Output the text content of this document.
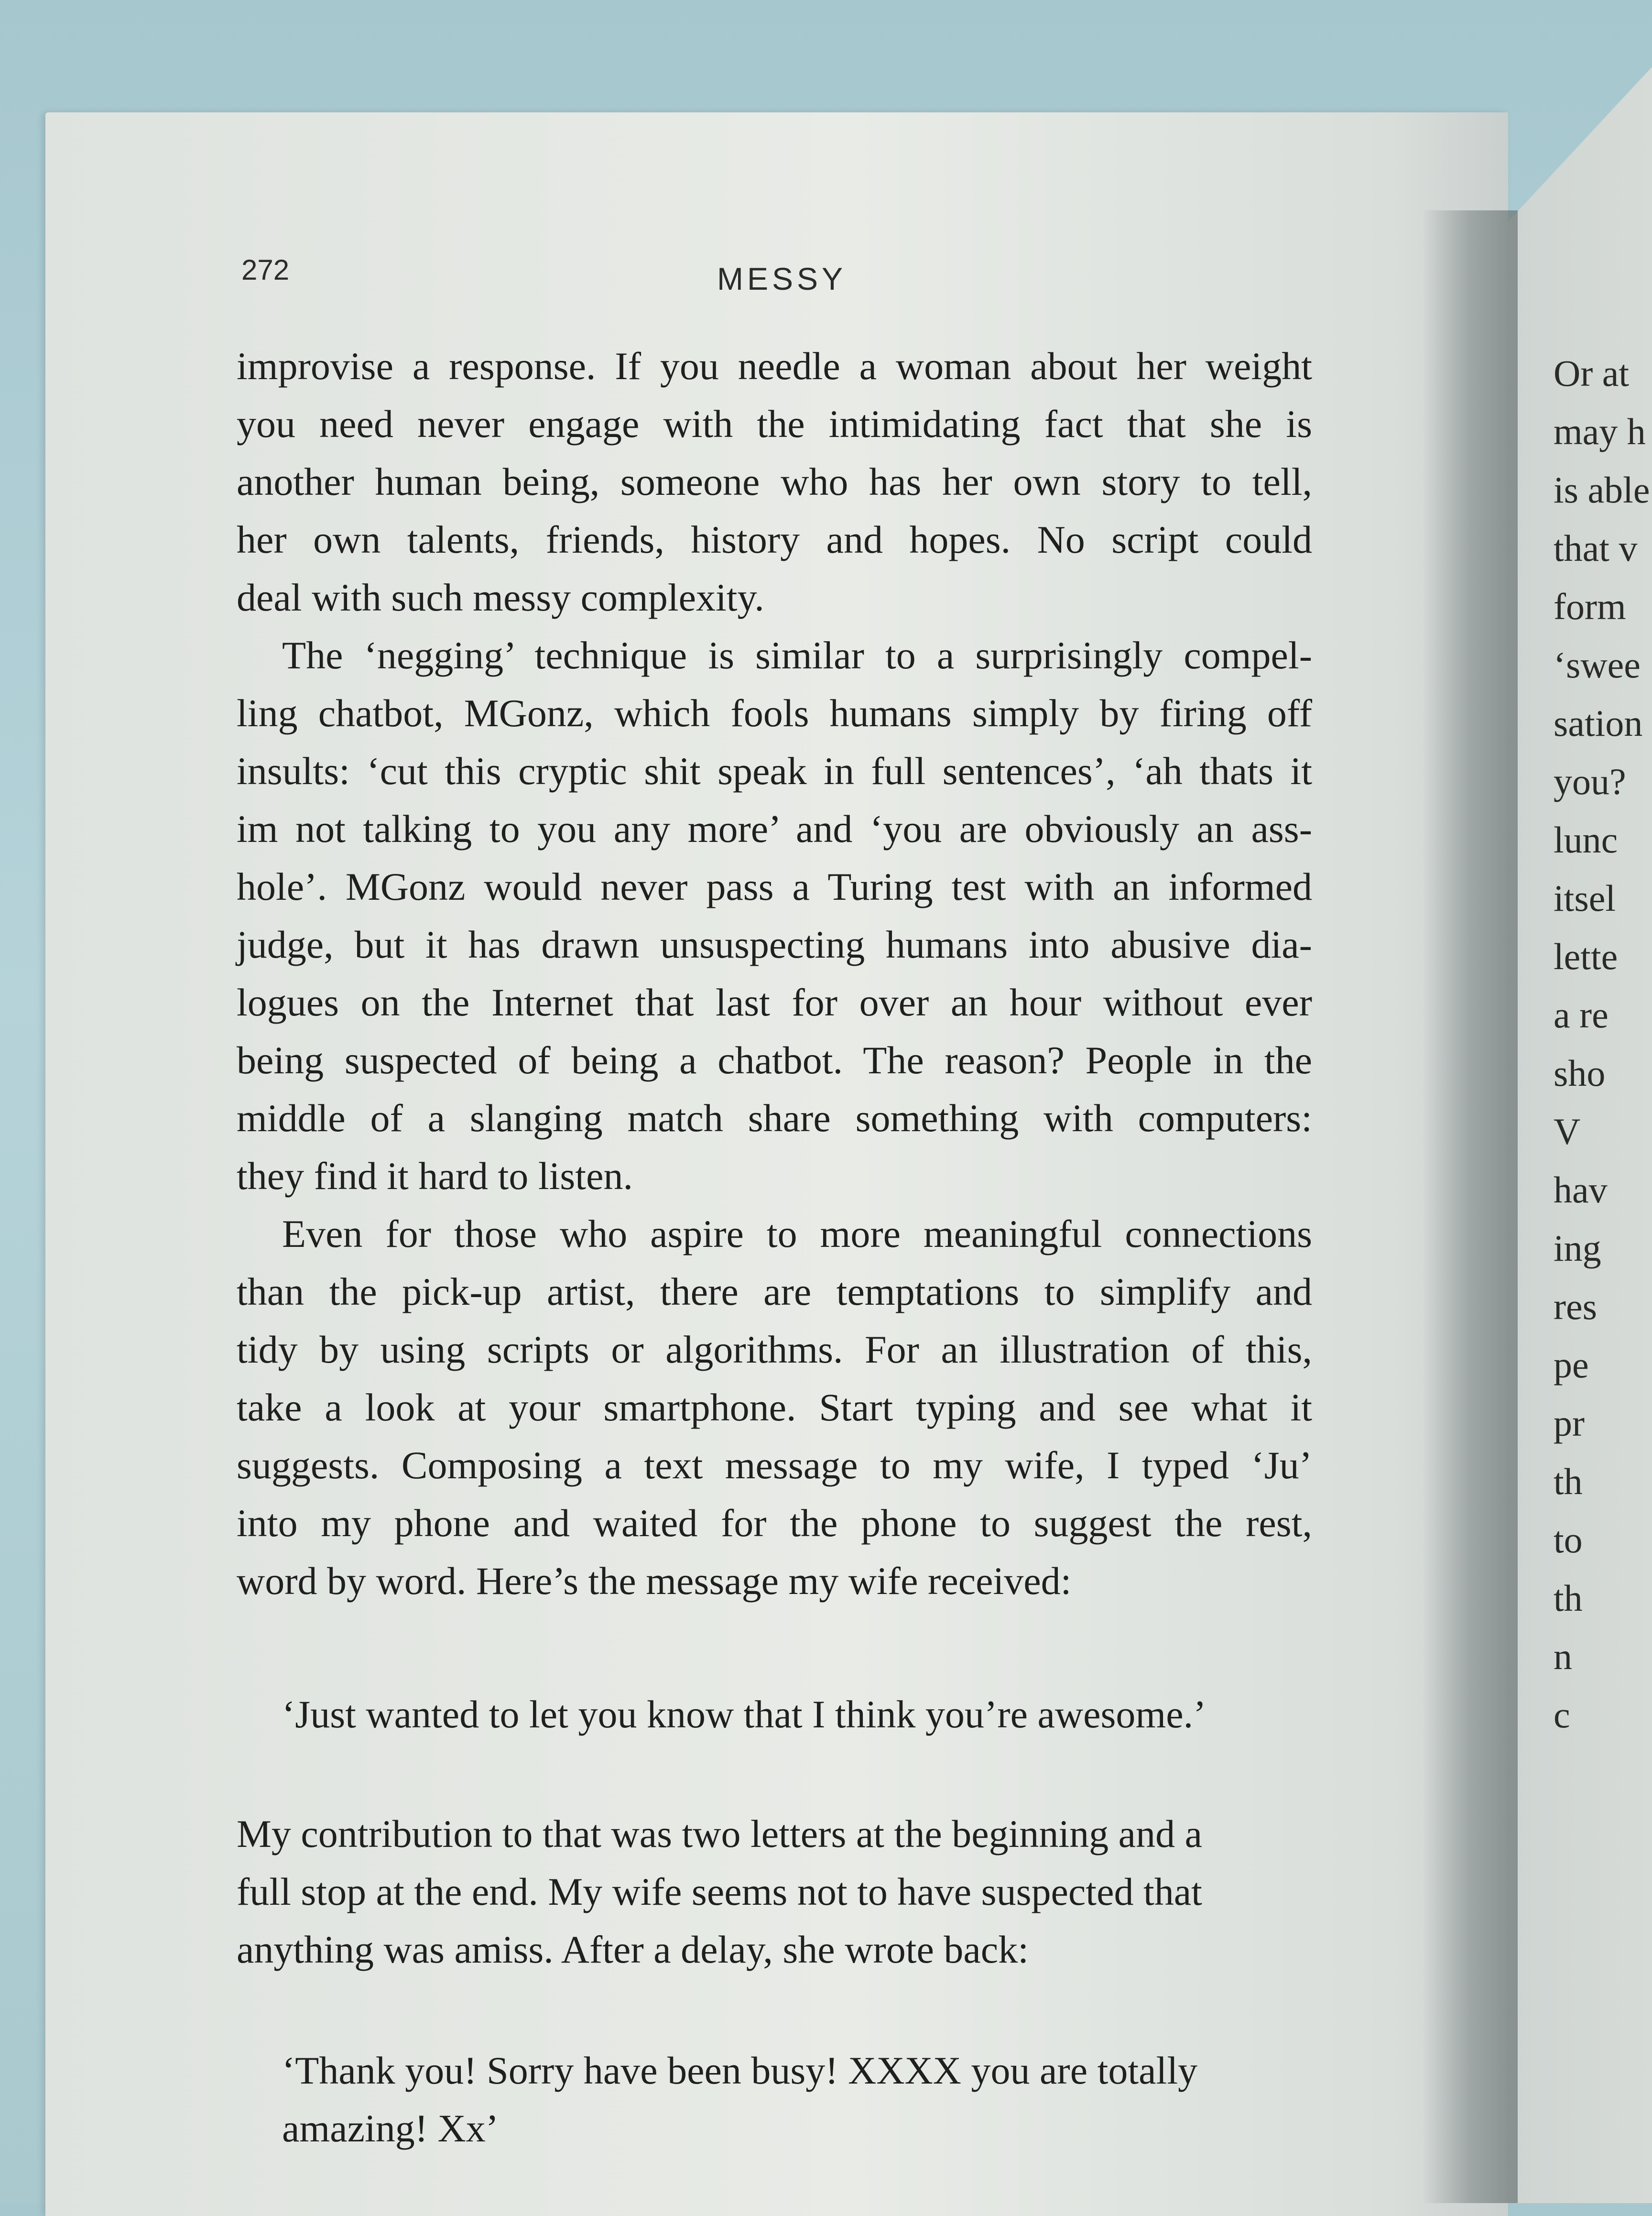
Or at
may h
is able
that v
form
‘swee
sation
you?
lunc
itsel
lette
a re
sho
V
hav
ing
res
pe
pr
th
to
th
n
c
272	MESSY
improvise a response. If you needle a woman about her weight
you need never engage with the intimidating fact that she is
another human being, someone who has her own story to tell,
her own talents, friends, history and hopes. No script could
deal with such messy complexity.
The ‘negging’ technique is similar to a surprisingly compel-
ling chatbot, MGonz, which fools humans simply by firing off
insults: ‘cut this cryptic shit speak in full sentences’, ‘ah thats it
im not talking to you any more’ and ‘you are obviously an ass-
hole’. MGonz would never pass a Turing test with an informed
judge, but it has drawn unsuspecting humans into abusive dia-
logues on the Internet that last for over an hour without ever
being suspected of being a chatbot. The reason? People in the
middle of a slanging match share something with computers:
they find it hard to listen.
Even for those who aspire to more meaningful connections
than the pick-up artist, there are temptations to simplify and
tidy by using scripts or algorithms. For an illustration of this,
take a look at your smartphone. Start typing and see what it
suggests. Composing a text message to my wife, I typed ‘Ju’
into my phone and waited for the phone to suggest the rest,
word by word. Here’s the message my wife received:
‘Just wanted to let you know that I think you’re awesome.’
My contribution to that was two letters at the beginning and a
full stop at the end. My wife seems not to have suspected that
anything was amiss. After a delay, she wrote back:
‘Thank you! Sorry have been busy! XXXX you are totally
amazing! Xx’
